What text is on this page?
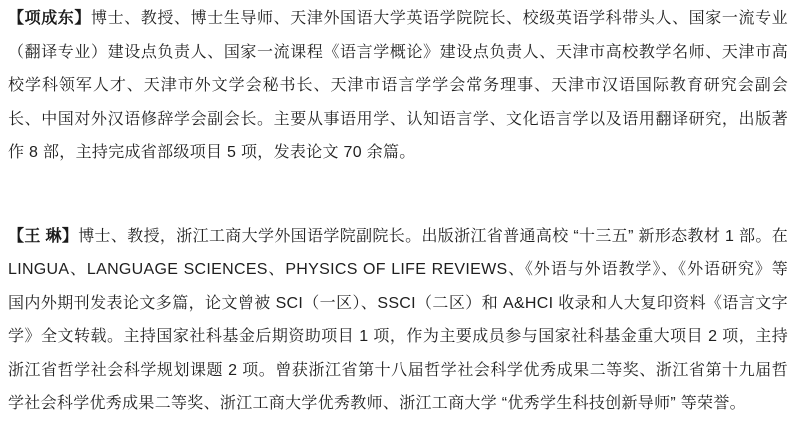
【项成东】博士、教授、博士生导师、天津外国语大学英语学院院长、校级英语学科带头人、国家一流专业（翻译专业）建设点负责人、国家一流课程《语言学概论》建设点负责人、天津市高校教学名师、天津市高校学科领军人才、天津市外文学会秘书长、天津市语言学学会常务理事、天津市汉语国际教育研究会副会长、中国对外汉语修辞学会副会长。主要从事语用学、认知语言学、文化语言学以及语用翻译研究，出版著作 8 部，主持完成省部级项目 5 项，发表论文 70 余篇。

【王 琳】博士、教授，浙江工商大学外国语学院副院长。出版浙江省普通高校 “十三五” 新形态教材 1 部。在 LINGUA、LANGUAGE SCIENCES、PHYSICS OF LIFE REVIEWS、《外语与外语教学》、《外语研究》等国内外期刊发表论文多篇，论文曾被 SCI（一区）、SSCI（二区）和 A&HCI 收录和人大复印资料《语言文字学》全文转载。主持国家社科基金后期资助项目 1 项，作为主要成员参与国家社科基金重大项目 2 项，主持浙江省哲学社会科学规划课题 2 项。曾获浙江省第十八届哲学社会科学优秀成果二等奖、浙江省第十九届哲学社会科学优秀成果二等奖、浙江工商大学优秀教师、浙江工商大学 “优秀学生科技创新导师” 等荣誉。
